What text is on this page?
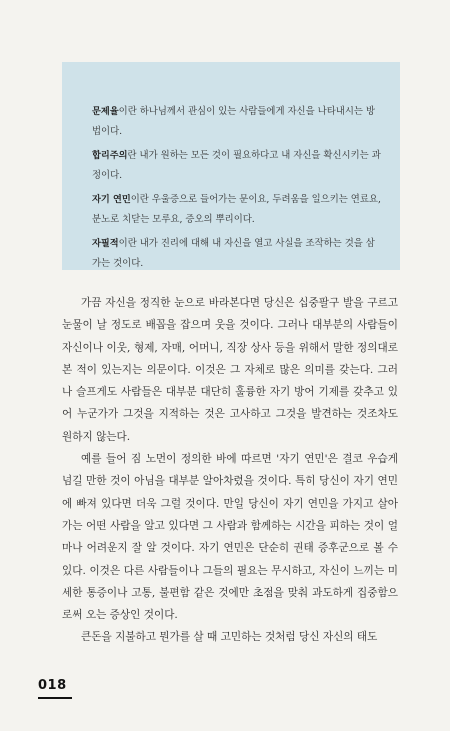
문제율이란 하나님께서 관심이 있는 사람들에게 자신을 나타내시는 방법이다.

합리주의란 내가 원하는 모든 것이 필요하다고 내 자신을 확신시키는 과정이다.

자기 연민이란 우울증으로 들어가는 문이요, 두려움을 일으키는 연료요, 분노로 치닫는 모루요, 증오의 뿌리이다.

자필적이란 내가 진리에 대해 내 자신을 열고 사실을 조작하는 것을 삼가는 것이다.

가끔 자신을 정직한 눈으로 바라본다면 당신은 십중팔구 발을 구르고 눈물이 날 정도로 배꼽을 잡으며 웃을 것이다. 그러나 대부분의 사람들이 자신이나 이웃, 형제, 자매, 어머니, 직장 상사 등을 위해서 말한 정의대로 본 적이 있는지는 의문이다. 이것은 그 자체로 많은 의미를 갖는다. 그러나 슬프게도 사람들은 대부분 대단히 훌륭한 자기 방어 기제를 갖추고 있어 누군가가 그것을 지적하는 것은 고사하고 그것을 발견하는 것조차도 원하지 않는다.

예를 들어 짐 노먼이 정의한 바에 따르면 '자기 연민'은 결코 우습게 넘길 만한 것이 아님을 대부분 알아차렸을 것이다. 특히 당신이 자기 연민에 빠져 있다면 더욱 그럴 것이다. 만일 당신이 자기 연민을 가지고 살아가는 어떤 사람을 알고 있다면 그 사람과 함께하는 시간을 피하는 것이 얼마나 어려운지 잘 알 것이다. 자기 연민은 단순히 권태 증후군으로 볼 수 있다. 이것은 다른 사람들이나 그들의 필요는 무시하고, 자신이 느끼는 미세한 통증이나 고통, 불편함 같은 것에만 초점을 맞춰 과도하게 집중함으로써 오는 증상인 것이다.

큰돈을 지불하고 뭔가를 살 때 고민하는 것처럼 당신 자신의 태도

018
